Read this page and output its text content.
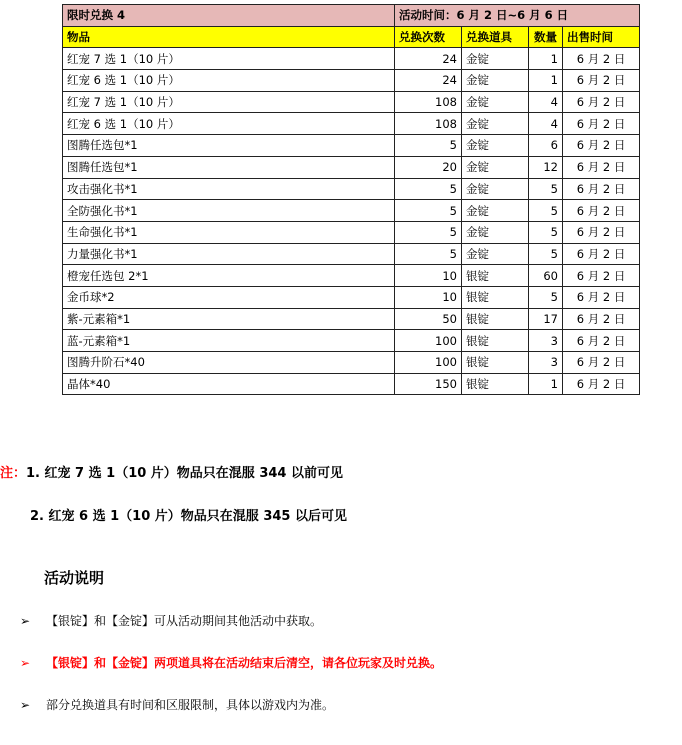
限时兑换 4	活动时间：6 月 2 日~6 月 6 日			
物品	兑换次数	兑换道具	数量	出售时间
红宠 7 选 1（10 片）	24	金锭	1	6 月 2 日
红宠 6 选 1（10 片）	24	金锭	1	6 月 2 日
红宠 7 选 1（10 片）	108	金锭	4	6 月 2 日
红宠 6 选 1（10 片）	108	金锭	4	6 月 2 日
图腾任选包*1	5	金锭	6	6 月 2 日
图腾任选包*1	20	金锭	12	6 月 2 日
攻击强化书*1	5	金锭	5	6 月 2 日
全防强化书*1	5	金锭	5	6 月 2 日
生命强化书*1	5	金锭	5	6 月 2 日
力量强化书*1	5	金锭	5	6 月 2 日
橙宠任选包 2*1	10	银锭	60	6 月 2 日
金币球*2	10	银锭	5	6 月 2 日
紫-元素箱*1	50	银锭	17	6 月 2 日
蓝-元素箱*1	100	银锭	3	6 月 2 日
图腾升阶石*40	100	银锭	3	6 月 2 日
晶体*40	150	银锭	1	6 月 2 日
注：1. 红宠 7 选 1（10 片）物品只在混服 344 以前可见
2. 红宠 6 选 1（10 片）物品只在混服 345 以后可见
活动说明
➢	【银锭】和【金锭】可从活动期间其他活动中获取。
➢	【银锭】和【金锭】两项道具将在活动结束后清空，请各位玩家及时兑换。
➢	部分兑换道具有时间和区服限制，具体以游戏内为准。
